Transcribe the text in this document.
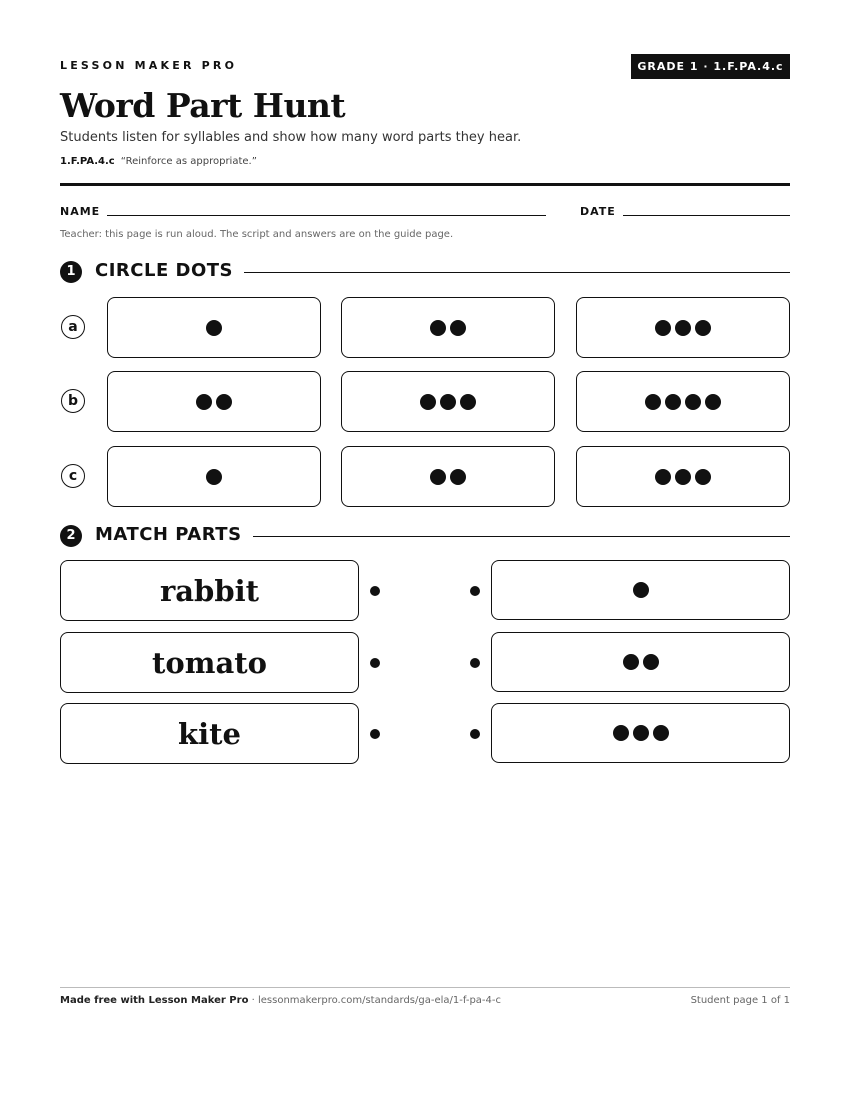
LESSON MAKER PRO	GRADE 1 · 1.F.PA.4.c
Word Part Hunt
Students listen for syllables and show how many word parts they hear.
1.F.PA.4.c “Reinforce as appropriate.”
NAME	DATE
Teacher: this page is run aloud. The script and answers are on the guide page.
1	CIRCLE DOTS
a
b
c
2	MATCH PARTS
rabbit
tomato
kite
Made free with Lesson Maker Pro · lessonmakerpro.com/standards/ga-ela/1-f-pa-4-c	Student page 1 of 1
